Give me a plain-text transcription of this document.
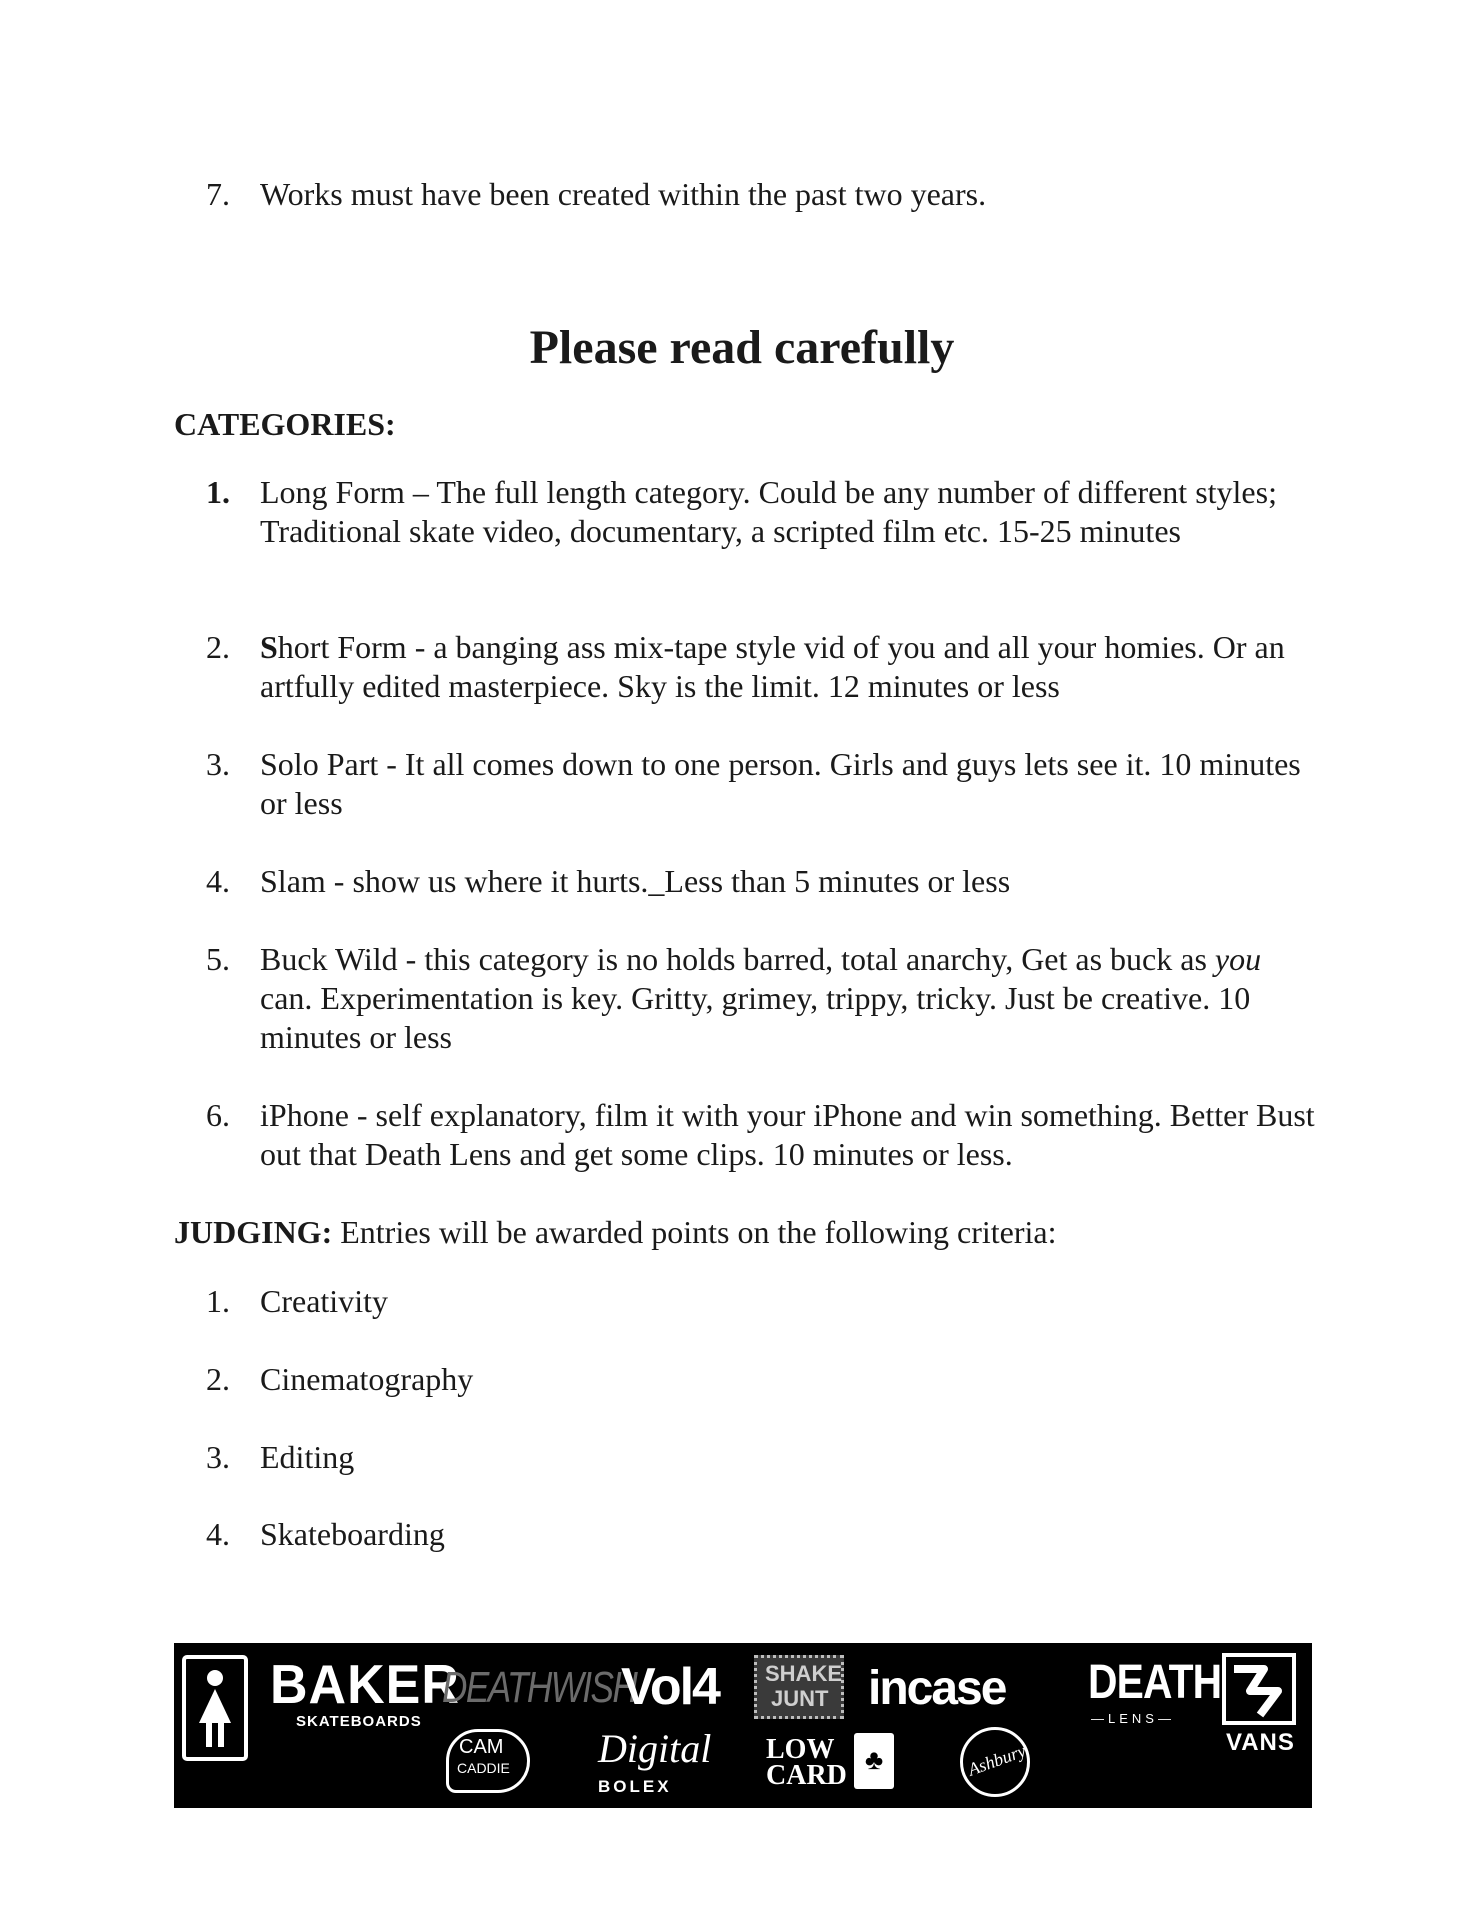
7. Works must have been created within the past two years.
Please read carefully
CATEGORIES:
1. Long Form – The full length category. Could be any number of different styles; Traditional skate video, documentary, a scripted film etc. 15-25 minutes
2. Short Form - a banging ass mix-tape style vid of you and all your homies. Or an artfully edited masterpiece. Sky is the limit. 12 minutes or less
3. Solo Part - It all comes down to one person. Girls and guys lets see it. 10 minutes or less
4. Slam - show us where it hurts._Less than 5 minutes or less
5. Buck Wild - this category is no holds barred, total anarchy, Get as buck as you can. Experimentation is key. Gritty, grimey, trippy, tricky. Just be creative. 10 minutes or less
6. iPhone - self explanatory, film it with your iPhone and win something. Better Bust out that Death Lens and get some clips. 10 minutes or less.
JUDGING: Entries will be awarded points on the following criteria:
1. Creativity
2. Cinematography
3. Editing
4. Skateboarding
BAKER
SKATEBOARDS
DEATHWISH
Vol4 SHAKE
JUNT incase DEATH
—LENS—
VANS
CAM
CADDIE Digital
BOLEX
LOW
CARD ♣	Ashbury
